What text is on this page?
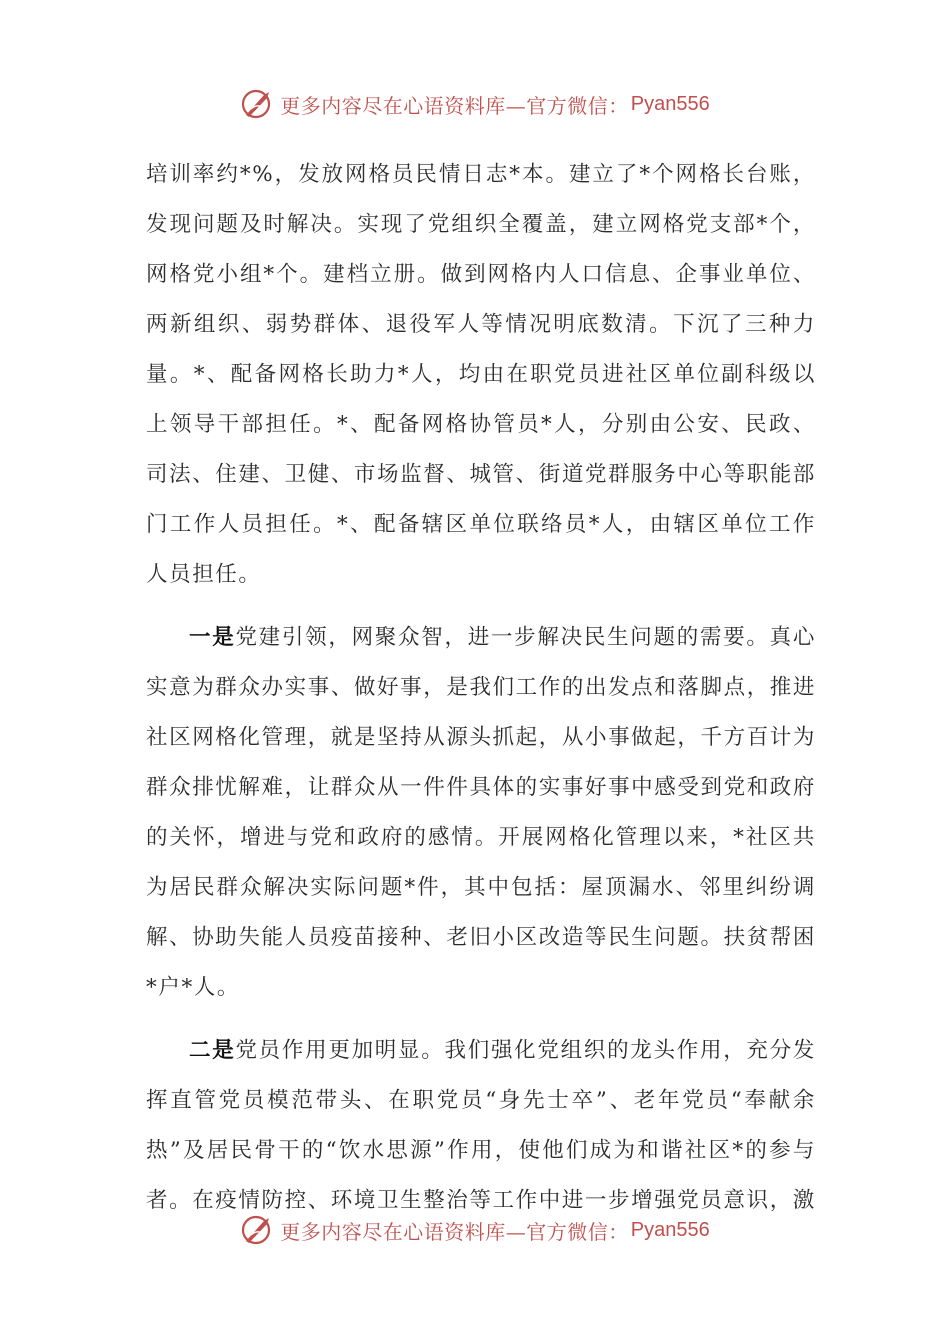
更多内容尽在心语资料库—官方微信： Pyan556

培训率约*%，发放网格员民情日志*本。建立了*个网格长台账，发现问题及时解决。实现了党组织全覆盖，建立网格党支部*个，网格党小组*个。建档立册。做到网格内人口信息、企事业单位、两新组织、弱势群体、退役军人等情况明底数清。下沉了三种力量。*、配备网格长助力*人，均由在职党员进社区单位副科级以上领导干部担任。*、配备网格协管员*人，分别由公安、民政、司法、住建、卫健、市场监督、城管、街道党群服务中心等职能部门工作人员担任。*、配备辖区单位联络员*人，由辖区单位工作人员担任。

一是党建引领，网聚众智，进一步解决民生问题的需要。真心实意为群众办实事、做好事，是我们工作的出发点和落脚点，推进社区网格化管理，就是坚持从源头抓起，从小事做起，千方百计为群众排忧解难，让群众从一件件具体的实事好事中感受到党和政府的关怀，增进与党和政府的感情。开展网格化管理以来，*社区共为居民群众解决实际问题*件，其中包括：屋顶漏水、邻里纠纷调解、协助失能人员疫苗接种、老旧小区改造等民生问题。扶贫帮困*户*人。

二是党员作用更加明显。我们强化党组织的龙头作用，充分发挥直管党员模范带头、在职党员“身先士卒”、老年党员“奉献余热”及居民骨干的“饮水思源”作用，使他们成为和谐社区*的参与者。在疫情防控、环境卫生整治等工作中进一步增强党员意识，激

更多内容尽在心语资料库—官方微信： Pyan556
